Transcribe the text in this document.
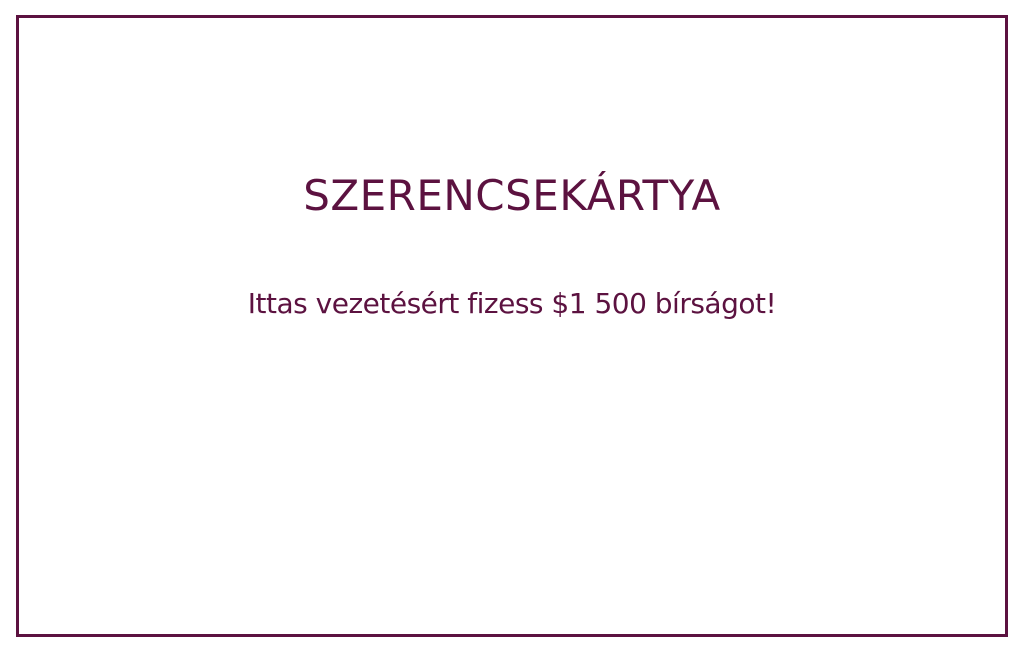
SZERENCSEKÁRTYA

Ittas vezetésért fizess $1 500 bírságot!
